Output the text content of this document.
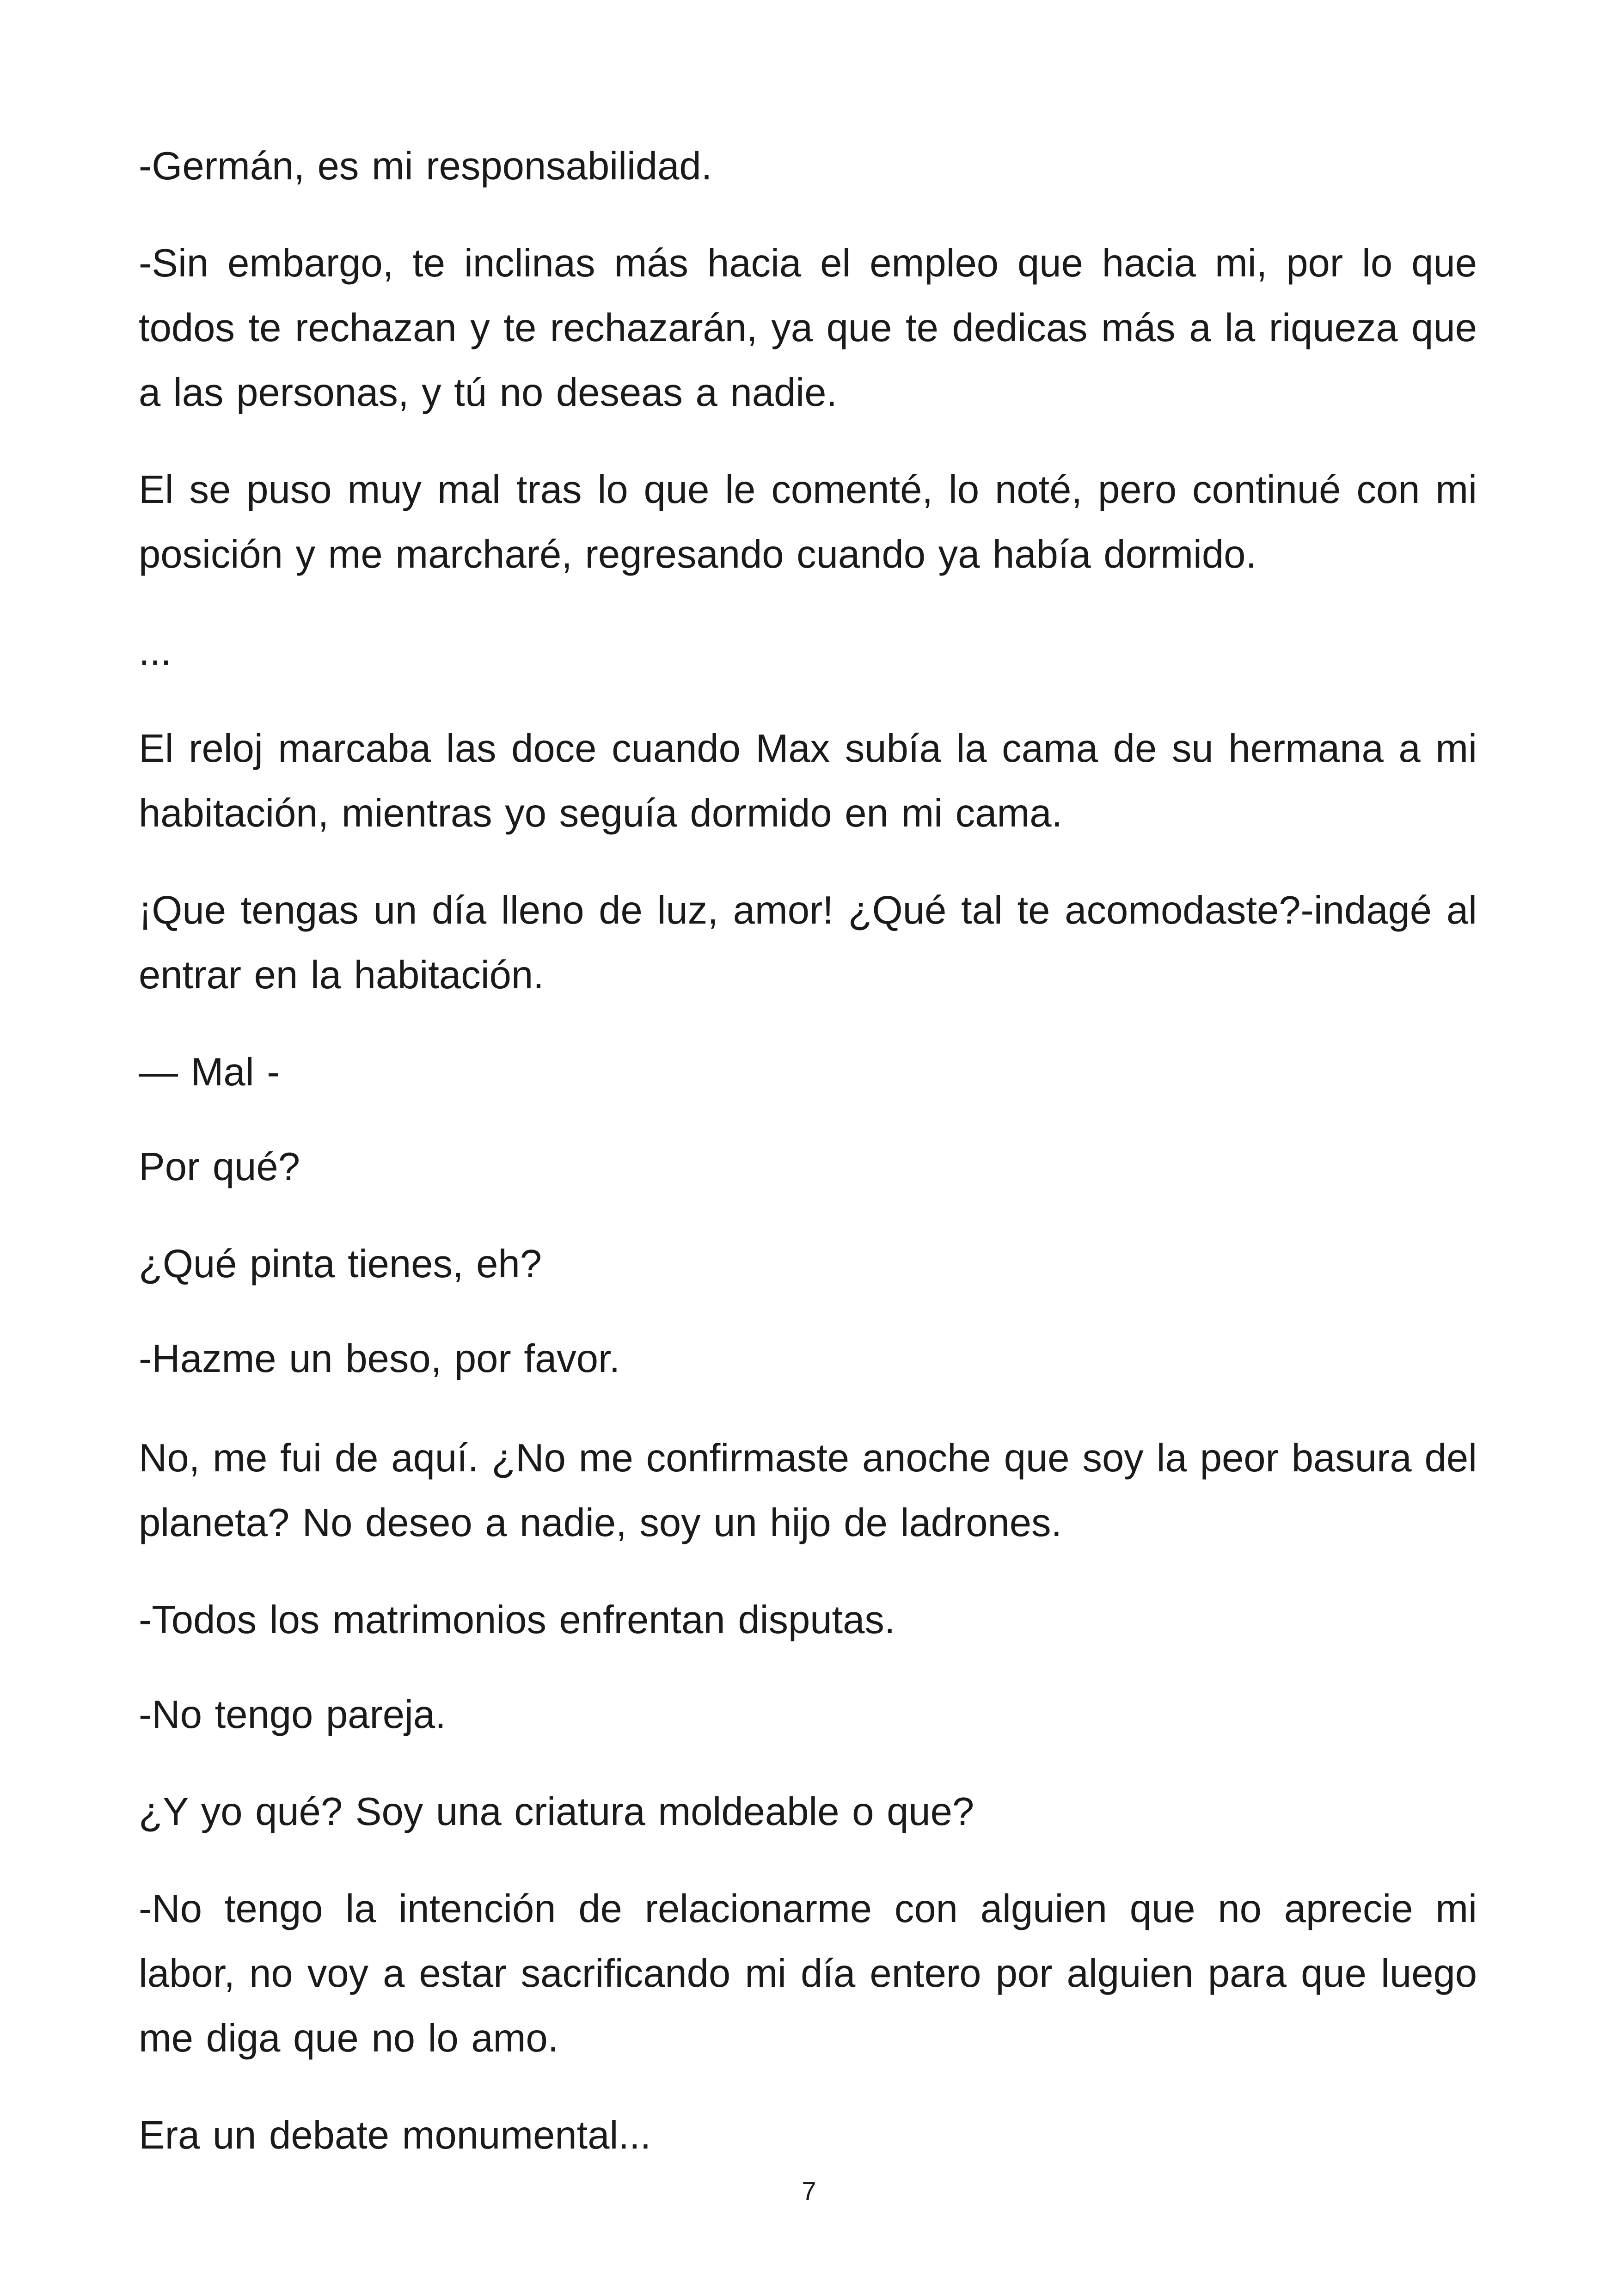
-Germán, es mi responsabilidad.

-Sin embargo, te inclinas más hacia el empleo que hacia mi, por lo que todos te rechazan y te rechazarán, ya que te dedicas más a la riqueza que a las personas, y tú no deseas a nadie.

El se puso muy mal tras lo que le comenté, lo noté, pero continué con mi posición y me marcharé, regresando cuando ya había dormido.

...

El reloj marcaba las doce cuando Max subía la cama de su hermana a mi habitación, mientras yo seguía dormido en mi cama.

¡Que tengas un día lleno de luz, amor! ¿Qué tal te acomodaste?-indagé al entrar en la habitación.

— Mal -

Por qué?

¿Qué pinta tienes, eh?

-Hazme un beso, por favor.

No, me fui de aquí. ¿No me confirmaste anoche que soy la peor basura del planeta? No deseo a nadie, soy un hijo de ladrones.

-Todos los matrimonios enfrentan disputas.

-No tengo pareja.

¿Y yo qué? Soy una criatura moldeable o que?

-No tengo la intención de relacionarme con alguien que no aprecie mi labor, no voy a estar sacrificando mi día entero por alguien para que luego me diga que no lo amo.

Era un debate monumental...

7
